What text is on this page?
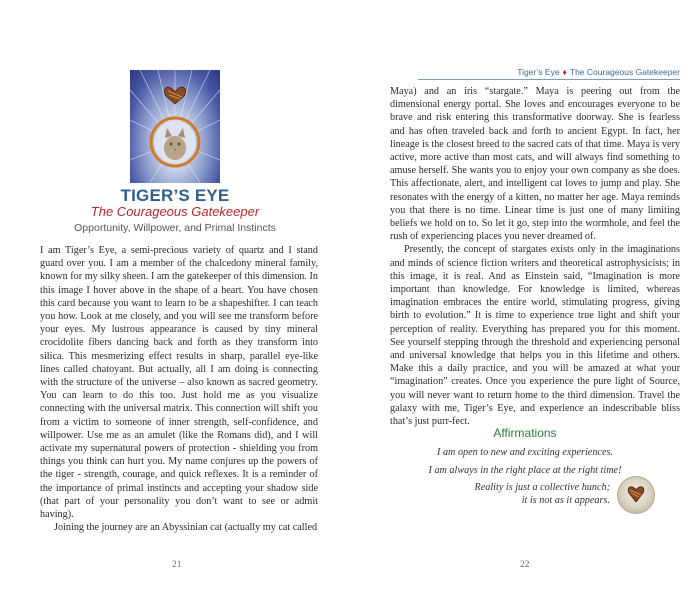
TIGER’S EYE
The Courageous Gatekeeper
Opportunity, Willpower, and Primal Instincts

I am Tiger’s Eye, a semi-precious variety of quartz and I stand guard over you. I am a member of the chalcedony mineral family, known for my silky sheen. I am the gatekeeper of this dimension. In this image I hover above in the shape of a heart. You have chosen this card because you want to learn to be a shapeshifter. I can teach you how. Look at me closely, and you will see me transform before your eyes. My lustrous appearance is caused by tiny mineral crocidolite fibers dancing back and forth as they transform into silica. This mesmerizing effect results in sharp, parallel eye-like lines called chatoyant. But actually, all I am doing is connecting with the structure of the universe – also known as sacred geometry. You can learn to do this too. Just hold me as you visualize connecting with the universal matrix. This connection will shift you from a victim to someone of inner strength, self-confidence, and willpower. Use me as an amulet (like the Romans did), and I will activate my supernatural powers of protection - shielding you from things you think can hurt you. My name conjures up the powers of the tiger - strength, courage, and quick reflexes. It is a reminder of the importance of primal instincts and accepting your shadow side (that part of your personality you don’t want to see or admit having).

Joining the journey are an Abyssinian cat (actually my cat called

21
Tiger’s Eye ♦ The Courageous Gatekeeper

Maya) and an iris “stargate.” Maya is peering out from the dimensional energy portal. She loves and encourages everyone to be brave and risk entering this transformative doorway. She is fearless and has often traveled back and forth to ancient Egypt. In fact, her lineage is the closest breed to the sacred cats of that time. Maya is very active, more active than most cats, and will always find something to amuse herself. She wants you to enjoy your own company as she does. This affectionate, alert, and intelligent cat loves to jump and play. She resonates with the energy of a kitten, no matter her age. Maya reminds you that there is no time. Linear time is just one of many limiting beliefs we hold on to. So let it go, step into the wormhole, and feel the rush of experiencing places you never dreamed of.

Presently, the concept of stargates exists only in the imaginations and minds of science fiction writers and theoretical astrophysicists; in this image, it is real. And as Einstein said, “Imagination is more important than knowledge. For knowledge is limited, whereas imagination embraces the entire world, stimulating progress, giving birth to evolution.” It is time to experience true light and shift your perception of reality. Everything has prepared you for this moment. See yourself stepping through the threshold and experiencing personal and universal knowledge that helps you in this lifetime and others. Make this a daily practice, and you will be amazed at what your “imagination” creates. Once you experience the pure light of Source, you will never want to return home to the third dimension. Travel the galaxy with me, Tiger’s Eye, and experience an indescribable bliss that’s just purr-fect.

Affirmations
I am open to new and exciting experiences.
I am always in the right place at the right time!
Reality is just a collective hunch;
it is not as it appears.
22
